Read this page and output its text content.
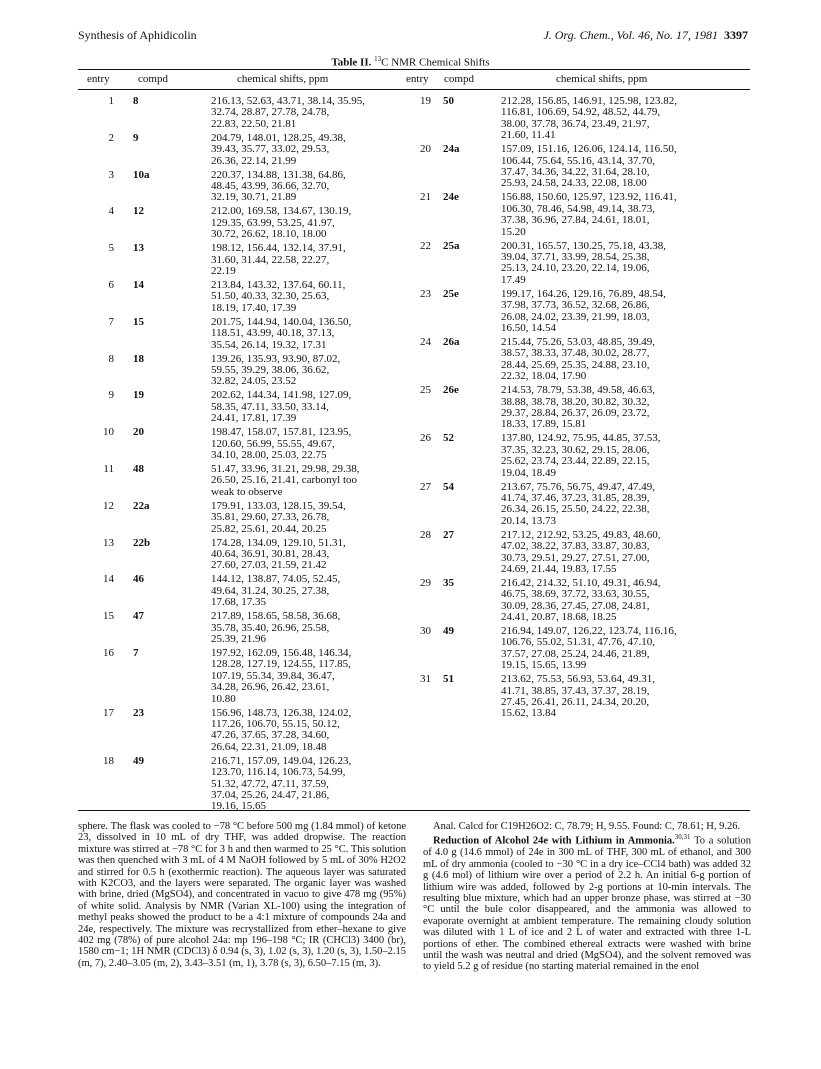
Synthesis of Aphidicolin	J. Org. Chem., Vol. 46, No. 17, 1981 3397
Table II. $^{13}$C NMR Chemical Shifts
entry	compd	chemical shifts, ppm	entry compd	chemical shifts, ppm
1 8	216.13, 52.63, 43.71, 38.14, 35.95,
32.74, 28.87, 27.78, 24.78,
22.83, 22.50, 21.81
2 9	204.79, 148.01, 128.25, 49.38,
39.43, 35.77, 33.02, 29.53,
26.36, 22.14, 21.99
3 10a	220.37, 134.88, 131.38, 64.86,
48.45, 43.99, 36.66, 32.70,
32.19, 30.71, 21.89
4 12	212.00, 169.58, 134.67, 130.19,
129.35, 63.99, 53.25, 41.97,
30.72, 26.62, 18.10, 18.00
5 13	198.12, 156.44, 132.14, 37.91,
31.60, 31.44, 22.58, 22.27,
22.19
6 14	213.84, 143.32, 137.64, 60.11,
51.50, 40.33, 32.30, 25.63,
18.19, 17.40, 17.39
7 15	201.75, 144.94, 140.04, 136.50,
118.51, 43.99, 40.18, 37.13,
35.54, 26.14, 19.32, 17.31
8 18	139.26, 135.93, 93.90, 87.02,
59.55, 39.29, 38.06, 36.62,
32.82, 24.05, 23.52
9 19	202.62, 144.34, 141.98, 127.09,
58.35, 47.11, 33.50, 33.14,
24.41, 17.81, 17.39
10 20	198.47, 158.07, 157.81, 123.95,
120.60, 56.99, 55.55, 49.67,
34.10, 28.00, 25.03, 22.75
11 48	51.47, 33.96, 31.21, 29.98, 29.38,
26.50, 25.16, 21.41, carbonyl too
weak to observe
12 22a	179.91, 133.03, 128.15, 39.54,
35.81, 29.60, 27.33, 26.78,
25.82, 25.61, 20.44, 20.25
13 22b	174.28, 134.09, 129.10, 51.31,
40.64, 36.91, 30.81, 28.43,
27.60, 27.03, 21.59, 21.42
14 46	144.12, 138.87, 74.05, 52.45,
49.64, 31.24, 30.25, 27.38,
17.68, 17.35
15 47	217.89, 158.65, 58.58, 36.68,
35.78, 35.40, 26.96, 25.58,
25.39, 21.96
16 7	197.92, 162.09, 156.48, 146.34,
128.28, 127.19, 124.55, 117.85,
107.19, 55.34, 39.84, 36.47,
34.28, 26.96, 26.42, 23.61,
10.80
17 23	156.96, 148.73, 126.38, 124.02,
117.26, 106.70, 55.15, 50.12,
47.26, 37.65, 37.28, 34.60,
26.64, 22.31, 21.09, 18.48
18 49	216.71, 157.09, 149.04, 126.23,
123.70, 116.14, 106.73, 54.99,
51.32, 47.72, 47.11, 37.59,
37.04, 25.26, 24.47, 21.86,
19.16, 15.65
19 50	212.28, 156.85, 146.91, 125.98, 123.82,
116.81, 106.69, 54.92, 48.52, 44.79,
38.00, 37.78, 36.74, 23.49, 21.97,
21.60, 11.41
20 24a	157.09, 151.16, 126.06, 124.14, 116.50,
106.44, 75.64, 55.16, 43.14, 37.70,
37.47, 34.36, 34.22, 31.64, 28.10,
25.93, 24.58, 24.33, 22.08, 18.00
21 24e	156.88, 150.60, 125.97, 123.92, 116.41,
106.30, 78.46, 54.98, 49.14, 38.73,
37.38, 36.96, 27.84, 24.61, 18.01,
15.20
22 25a	200.31, 165.57, 130.25, 75.18, 43.38,
39.04, 37.71, 33.99, 28.54, 25.38,
25.13, 24.10, 23.20, 22.14, 19.06,
17.49
23 25e	199.17, 164.26, 129.16, 76.89, 48.54,
37.98, 37.73, 36.52, 32.68, 26.86,
26.08, 24.02, 23.39, 21.99, 18.03,
16.50, 14.54
24 26a	215.44, 75.26, 53.03, 48.85, 39.49,
38.57, 38.33, 37.48, 30.02, 28.77,
28.44, 25.69, 25.35, 24.88, 23.10,
22.32, 18.04, 17.90
25 26e	214.53, 78.79, 53.38, 49.58, 46.63,
38.88, 38.78, 38.20, 30.82, 30.32,
29.37, 28.84, 26.37, 26.09, 23.72,
18.33, 17.89, 15.81
26 52	137.80, 124.92, 75.95, 44.85, 37.53,
37.35, 32.23, 30.62, 29.15, 28.06,
25.62, 23.74, 23.44, 22.89, 22.15,
19.04, 18.49
27 54	213.67, 75.76, 56.75, 49.47, 47.49,
41.74, 37.46, 37.23, 31.85, 28.39,
26.34, 26.15, 25.50, 24.22, 22.38,
20.14, 13.73
28 27	217.12, 212.92, 53.25, 49.83, 48.60,
47.02, 38.22, 37.83, 33.87, 30.83,
30.73, 29.51, 29.27, 27.51, 27.00,
24.69, 21.44, 19.83, 17.55
29 35	216.42, 214.32, 51.10, 49.31, 46.94,
46.75, 38.69, 37.72, 33.63, 30.55,
30.09, 28.36, 27.45, 27.08, 24.81,
24.41, 20.87, 18.68, 18.25
30 49	216.94, 149.07, 126.22, 123.74, 116.16,
106.76, 55.02, 51.31, 47.76, 47.10,
37.57, 27.08, 25.24, 24.46, 21.89,
19.15, 15.65, 13.99
31 51	213.62, 75.53, 56.93, 53.64, 49.31,
41.71, 38.85, 37.43, 37.37, 28.19,
27.45, 26.41, 26.11, 24.34, 20.20,
15.62, 13.84

sphere. The flask was cooled to −78 °C before 500 mg (1.84 mmol) of ketone 23, dissolved in 10 mL of dry THF, was added dropwise. The reaction mixture was stirred at −78 °C for 3 h and then warmed to 25 °C. This solution was then quenched with 3 mL of 4 M NaOH followed by 5 mL of 30% H2O2 and stirred for 0.5 h (exothermic reaction). The aqueous layer was saturated with K2CO3, and the layers were separated. The organic layer was washed with brine, dried (MgSO4), and concentrated in vacuo to give 478 mg (95%) of white solid. Analysis by NMR (Varian XL-100) using the integration of methyl peaks showed the product to be a 4:1 mixture of compounds 24a and 24e, respectively. The mixture was recrystallized from ether–hexane to give 402 mg (78%) of pure alcohol 24a: mp 196–198 °C; IR (CHCl3) 3400 (br), 1580 cm−1; 1H NMR (CDCl3) δ 0.94 (s, 3), 1.02 (s, 3), 1.20 (s, 3), 1.50–2.15 (m, 7), 2.40–3.05 (m, 2), 3.43–3.51 (m, 1), 3.78 (s, 3), 6.50–7.15 (m, 3).

Anal. Calcd for C19H26O2: C, 78.79; H, 9.55. Found: C, 78.61; H, 9.26.

Reduction of Alcohol 24e with Lithium in Ammonia.$^{30,31}$ To a solution of 4.0 g (14.6 mmol) of 24e in 300 mL of THF, 300 mL of ethanol, and 300 mL of dry ammonia (cooled to −30 °C in a dry ice–CCl4 bath) was added 32 g (4.6 mol) of lithium wire over a period of 2.2 h. An initial 6-g portion of lithium wire was added, followed by 2-g portions at 10-min intervals. The resulting blue mixture, which had an upper bronze phase, was stirred at −30 °C until the bule color disappeared, and the ammonia was allowed to evaporate overnight at ambient temperature. The remaining cloudy solution was diluted with 1 L of ice and 2 L of water and extracted with three 1-L portions of ether. The combined ethereal extracts were washed with brine until the wash was neutral and dried (MgSO4), and the solvent removed was to yield 5.2 g of residue (no starting material remained in the enol
